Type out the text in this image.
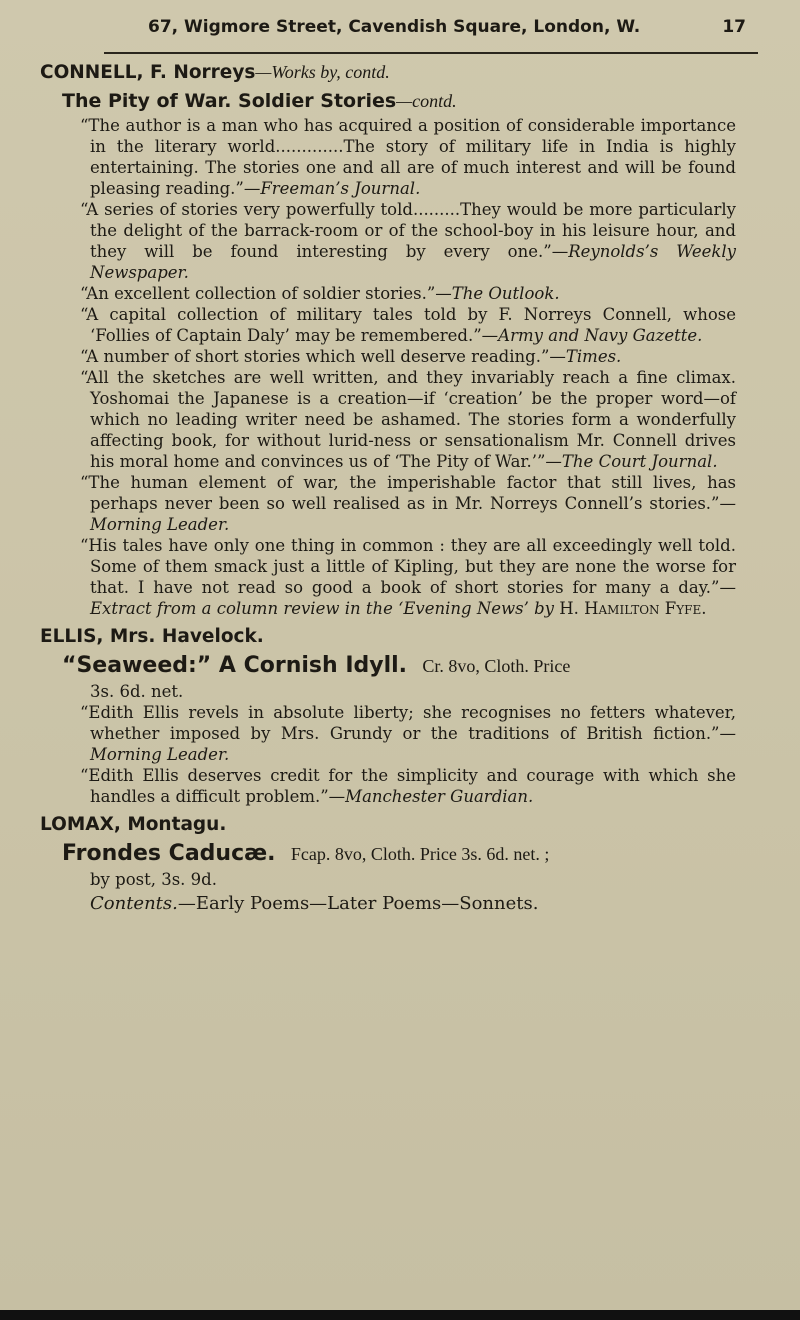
67, Wigmore Street, Cavendish Square, London, W.	17
CONNELL, F. Norreys—Works by, contd.
The Pity of War. Soldier Stories—contd.
“The author is a man who has acquired a position of considerable importance in the literary world.............The story of military life in India is highly entertaining. The stories one and all are of much interest and will be found pleasing reading.”—Freeman’s Journal.
“A series of stories very powerfully told.........They would be more particularly the delight of the barrack-room or of the school-boy in his leisure hour, and they will be found interesting by every one.”—Reynolds’s Weekly Newspaper.
“An excellent collection of soldier stories.”—The Outlook.
“A capital collection of military tales told by F. Norreys Connell, whose ‘Follies of Captain Daly’ may be remembered.”—Army and Navy Gazette.
“A number of short stories which well deserve reading.”—Times.
“All the sketches are well written, and they invariably reach a fine climax. Yoshomai the Japanese is a creation—if ‘creation’ be the proper word—of which no leading writer need be ashamed. The stories form a wonderfully affecting book, for without lurid-ness or sensationalism Mr. Connell drives his moral home and convinces us of ‘The Pity of War.’”—The Court Journal.
“The human element of war, the imperishable factor that still lives, has perhaps never been so well realised as in Mr. Norreys Connell’s stories.”—Morning Leader.
“His tales have only one thing in common : they are all exceedingly well told. Some of them smack just a little of Kipling, but they are none the worse for that. I have not read so good a book of short stories for many a day.”—Extract from a column review in the ‘Evening News’ by H. Hamilton Fyfe.
ELLIS, Mrs. Havelock.
“Seaweed:” A Cornish Idyll. Cr. 8vo, Cloth. Price
3s. 6d. net.
“Edith Ellis revels in absolute liberty; she recognises no fetters whatever, whether imposed by Mrs. Grundy or the traditions of British fiction.”—Morning Leader.
“Edith Ellis deserves credit for the simplicity and courage with which she handles a difficult problem.”—Manchester Guardian.
LOMAX, Montagu.
Frondes Caducæ. Fcap. 8vo, Cloth. Price 3s. 6d. net. ;
by post, 3s. 9d.
Contents.—Early Poems—Later Poems—Sonnets.
